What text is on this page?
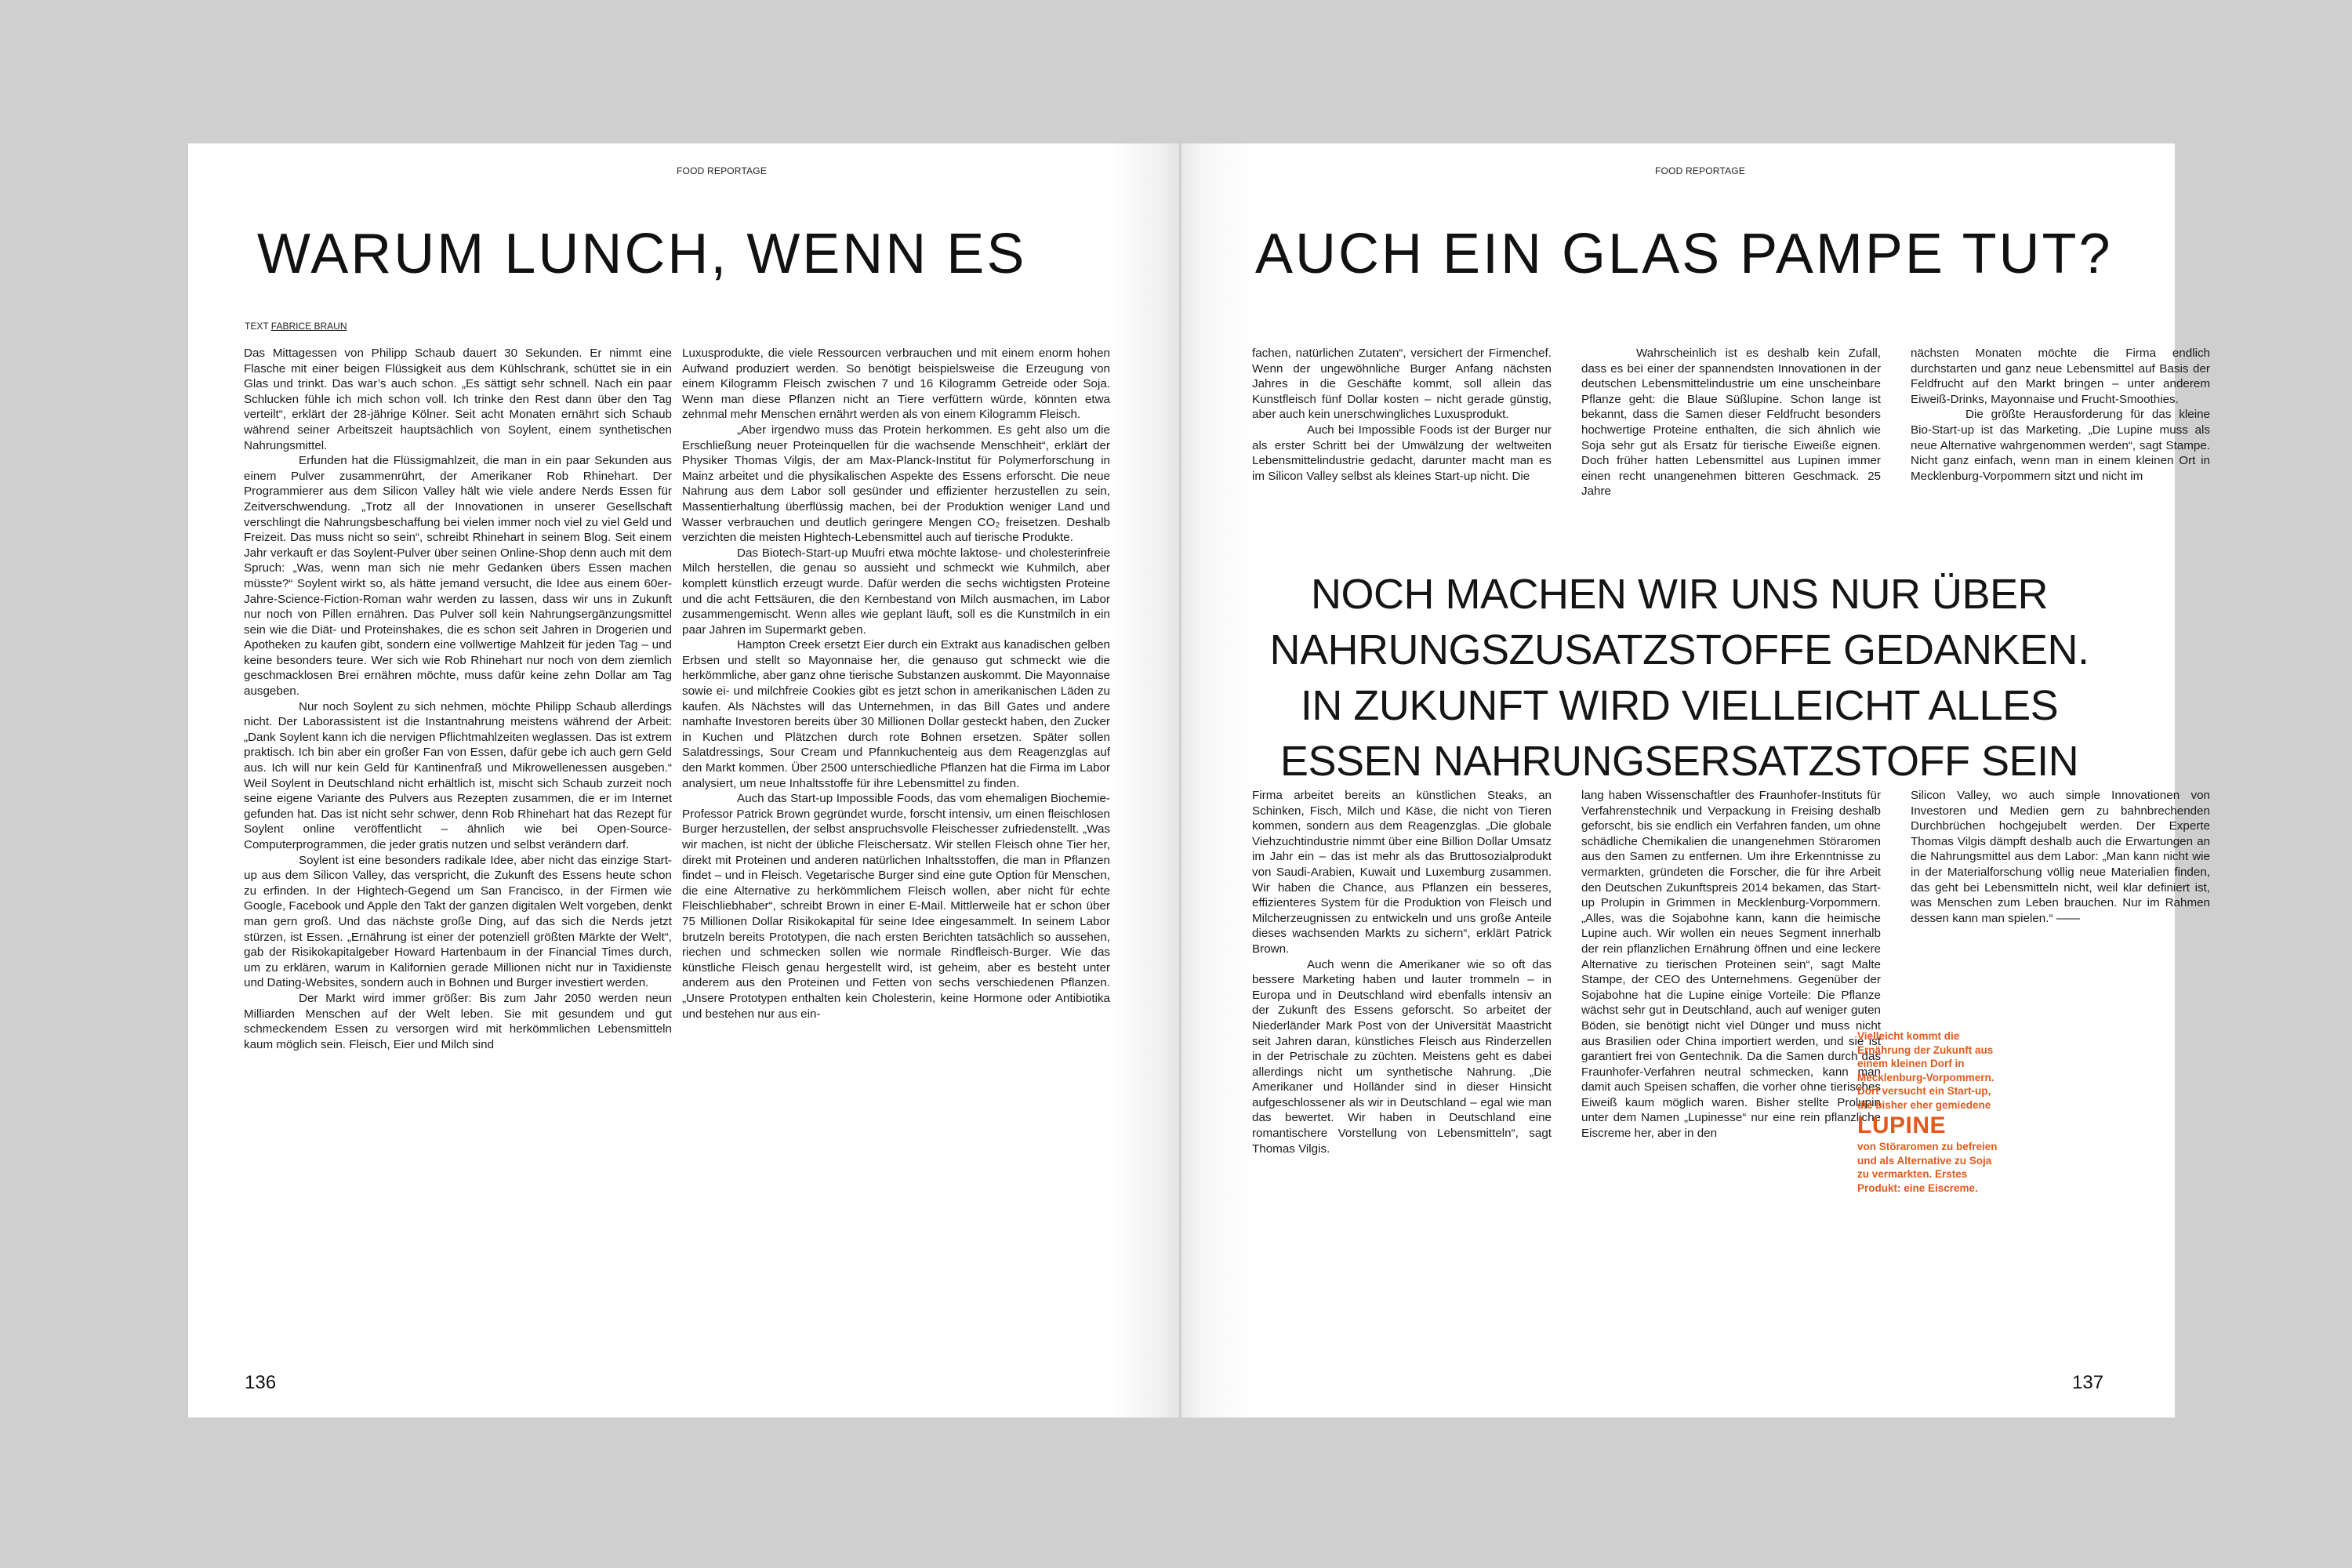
FOOD REPORTAGE
WARUM LUNCH, WENN ES
TEXT FABRICE BRAUN

Das Mittagessen von Philipp Schaub dauert 30 Sekunden. Er nimmt eine Flasche mit einer beigen Flüssigkeit aus dem Kühlschrank, schüttet sie in ein Glas und trinkt. Das war’s auch schon. „Es sättigt sehr schnell. Nach ein paar Schlucken fühle ich mich schon voll. Ich trinke den Rest dann über den Tag verteilt“, erklärt der 28-jährige Kölner. Seit acht Monaten ernährt sich Schaub während seiner Arbeitszeit hauptsächlich von Soylent, einem synthetischen Nahrungsmittel.

Erfunden hat die Flüssigmahlzeit, die man in ein paar Sekunden aus einem Pulver zusammenrührt, der Amerikaner Rob Rhinehart. Der Programmierer aus dem Silicon Valley hält wie viele andere Nerds Essen für Zeitverschwendung. „Trotz all der Innovationen in unserer Gesellschaft verschlingt die Nahrungsbeschaffung bei vielen immer noch viel zu viel Geld und Freizeit. Das muss nicht so sein“, schreibt Rhinehart in seinem Blog. Seit einem Jahr verkauft er das Soylent-Pulver über seinen Online-Shop denn auch mit dem Spruch: „Was, wenn man sich nie mehr Gedanken übers Essen machen müsste?“ Soylent wirkt so, als hätte jemand versucht, die Idee aus einem 60er-Jahre-Science-Fiction-Roman wahr werden zu lassen, dass wir uns in Zukunft nur noch von Pillen ernähren. Das Pulver soll kein Nahrungsergänzungsmittel sein wie die Diät- und Proteinshakes, die es schon seit Jahren in Drogerien und Apotheken zu kaufen gibt, sondern eine vollwertige Mahlzeit für jeden Tag – und keine besonders teure. Wer sich wie Rob Rhinehart nur noch von dem ziemlich geschmacklosen Brei ernähren möchte, muss dafür keine zehn Dollar am Tag ausgeben.

Nur noch Soylent zu sich nehmen, möchte Philipp Schaub allerdings nicht. Der Laborassistent ist die Instantnahrung meistens während der Arbeit: „Dank Soylent kann ich die nervigen Pflichtmahlzeiten weglassen. Das ist extrem praktisch. Ich bin aber ein großer Fan von Essen, dafür gebe ich auch gern Geld aus. Ich will nur kein Geld für Kantinenfraß und Mikrowellenessen ausgeben.“ Weil Soylent in Deutschland nicht erhältlich ist, mischt sich Schaub zurzeit noch seine eigene Variante des Pulvers aus Rezepten zusammen, die er im Internet gefunden hat. Das ist nicht sehr schwer, denn Rob Rhinehart hat das Rezept für Soylent online veröffentlicht – ähnlich wie bei Open-Source-Computerprogrammen, die jeder gratis nutzen und selbst verändern darf.

Soylent ist eine besonders radikale Idee, aber nicht das einzige Start-up aus dem Silicon Valley, das verspricht, die Zukunft des Essens heute schon zu erfinden. In der Hightech-Gegend um San Francisco, in der Firmen wie Google, Facebook und Apple den Takt der ganzen digitalen Welt vorgeben, denkt man gern groß. Und das nächste große Ding, auf das sich die Nerds jetzt stürzen, ist Essen. „Ernährung ist einer der potenziell größten Märkte der Welt“, gab der Risikokapitalgeber Howard Hartenbaum in der Financial Times durch, um zu erklären, warum in Kalifornien gerade Millionen nicht nur in Taxidienste und Dating-Websites, sondern auch in Bohnen und Burger investiert werden.

Der Markt wird immer größer: Bis zum Jahr 2050 werden neun Milliarden Menschen auf der Welt leben. Sie mit gesundem und gut schmeckendem Essen zu versorgen wird mit herkömmlichen Lebensmitteln kaum möglich sein. Fleisch, Eier und Milch sind

Luxusprodukte, die viele Ressourcen verbrauchen und mit einem enorm hohen Aufwand produziert werden. So benötigt beispielsweise die Erzeugung von einem Kilogramm Fleisch zwischen 7 und 16 Kilogramm Getreide oder Soja. Wenn man diese Pflanzen nicht an Tiere verfüttern würde, könnten etwa zehnmal mehr Menschen ernährt werden als von einem Kilogramm Fleisch.

„Aber irgendwo muss das Protein herkommen. Es geht also um die Erschließung neuer Proteinquellen für die wachsende Menschheit“, erklärt der Physiker Thomas Vilgis, der am Max-Planck-Institut für Polymerforschung in Mainz arbeitet und die physikalischen Aspekte des Essens erforscht. Die neue Nahrung aus dem Labor soll gesünder und effizienter herzustellen zu sein, Massentierhaltung überflüssig machen, bei der Produktion weniger Land und Wasser verbrauchen und deutlich geringere Mengen CO₂ freisetzen. Deshalb verzichten die meisten Hightech-Lebensmittel auch auf tierische Produkte.

Das Biotech-Start-up Muufri etwa möchte laktose- und cholesterinfreie Milch herstellen, die genau so aussieht und schmeckt wie Kuhmilch, aber komplett künstlich erzeugt wurde. Dafür werden die sechs wichtigsten Proteine und die acht Fettsäuren, die den Kernbestand von Milch ausmachen, im Labor zusammengemischt. Wenn alles wie geplant läuft, soll es die Kunstmilch in ein paar Jahren im Supermarkt geben.

Hampton Creek ersetzt Eier durch ein Extrakt aus kanadischen gelben Erbsen und stellt so Mayonnaise her, die genauso gut schmeckt wie die herkömmliche, aber ganz ohne tierische Substanzen auskommt. Die Mayonnaise sowie ei- und milchfreie Cookies gibt es jetzt schon in amerikanischen Läden zu kaufen. Als Nächstes will das Unternehmen, in das Bill Gates und andere namhafte Investoren bereits über 30 Millionen Dollar gesteckt haben, den Zucker in Kuchen und Plätzchen durch rote Bohnen ersetzen. Später sollen Salatdressings, Sour Cream und Pfannkuchenteig aus dem Reagenzglas auf den Markt kommen. Über 2500 unterschiedliche Pflanzen hat die Firma im Labor analysiert, um neue Inhaltsstoffe für ihre Lebensmittel zu finden.

Auch das Start-up Impossible Foods, das vom ehemaligen Biochemie-Professor Patrick Brown gegründet wurde, forscht intensiv, um einen fleischlosen Burger herzustellen, der selbst anspruchsvolle Fleischesser zufriedenstellt. „Was wir machen, ist nicht der übliche Fleischersatz. Wir stellen Fleisch ohne Tier her, direkt mit Proteinen und anderen natürlichen Inhaltsstoffen, die man in Pflanzen findet – und in Fleisch. Vegetarische Burger sind eine gute Option für Menschen, die eine Alternative zu herkömmlichem Fleisch wollen, aber nicht für echte Fleischliebhaber“, schreibt Brown in einer E-Mail. Mittlerweile hat er schon über 75 Millionen Dollar Risikokapital für seine Idee eingesammelt. In seinem Labor brutzeln bereits Prototypen, die nach ersten Berichten tatsächlich so aussehen, riechen und schmecken sollen wie normale Rindfleisch-Burger. Wie das künstliche Fleisch genau hergestellt wird, ist geheim, aber es besteht unter anderem aus den Proteinen und Fetten von sechs verschiedenen Pflanzen. „Unsere Prototypen enthalten kein Cholesterin, keine Hormone oder Antibiotika und bestehen nur aus ein-

136
FOOD REPORTAGE
AUCH EIN GLAS PAMPE TUT?

fachen, natürlichen Zutaten“, versichert der Firmenchef. Wenn der ungewöhnliche Burger Anfang nächsten Jahres in die Geschäfte kommt, soll allein das Kunstfleisch fünf Dollar kosten – nicht gerade günstig, aber auch kein unerschwingliches Luxusprodukt.

Auch bei Impossible Foods ist der Burger nur als erster Schritt bei der Umwälzung der weltweiten Lebensmittelindustrie gedacht, darunter macht man es im Silicon Valley selbst als kleines Start-up nicht. Die

Wahrscheinlich ist es deshalb kein Zufall, dass es bei einer der spannendsten Innovationen in der deutschen Lebensmittelindustrie um eine unscheinbare Pflanze geht: die Blaue Süßlupine. Schon lange ist bekannt, dass die Samen dieser Feldfrucht besonders hochwertige Proteine enthalten, die sich ähnlich wie Soja sehr gut als Ersatz für tierische Eiweiße eignen. Doch früher hatten Lebensmittel aus Lupinen immer einen recht unangenehmen bitteren Geschmack. 25 Jahre

nächsten Monaten möchte die Firma endlich durchstarten und ganz neue Lebensmittel auf Basis der Feldfrucht auf den Markt bringen – unter anderem Eiweiß-Drinks, Mayonnaise und Frucht-Smoothies.

Die größte Herausforderung für das kleine Bio-Start-up ist das Marketing. „Die Lupine muss als neue Alternative wahrgenommen werden“, sagt Stampe. Nicht ganz einfach, wenn man in einem kleinen Ort in Mecklenburg-Vorpommern sitzt und nicht im

NOCH MACHEN WIR UNS NUR ÜBER NAHRUNGSZUSATZSTOFFE GEDANKEN. IN ZUKUNFT WIRD VIELLEICHT ALLES ESSEN NAHRUNGSERSATZSTOFF SEIN

Firma arbeitet bereits an künstlichen Steaks, an Schinken, Fisch, Milch und Käse, die nicht von Tieren kommen, sondern aus dem Reagenzglas. „Die globale Viehzuchtindustrie nimmt über eine Billion Dollar Umsatz im Jahr ein – das ist mehr als das Bruttosozialprodukt von Saudi-Arabien, Kuwait und Luxemburg zusammen. Wir haben die Chance, aus Pflanzen ein besseres, effizienteres System für die Produktion von Fleisch und Milcherzeugnissen zu entwickeln und uns große Anteile dieses wachsenden Markts zu sichern“, erklärt Patrick Brown.

Auch wenn die Amerikaner wie so oft das bessere Marketing haben und lauter trommeln – in Europa und in Deutschland wird ebenfalls intensiv an der Zukunft des Essens geforscht. So arbeitet der Niederländer Mark Post von der Universität Maastricht seit Jahren daran, künstliches Fleisch aus Rinderzellen in der Petrischale zu züchten. Meistens geht es dabei allerdings nicht um synthetische Nahrung. „Die Amerikaner und Holländer sind in dieser Hinsicht aufgeschlossener als wir in Deutschland – egal wie man das bewertet. Wir haben in Deutschland eine romantischere Vorstellung von Lebensmitteln“, sagt Thomas Vilgis.

lang haben Wissenschaftler des Fraunhofer-Instituts für Verfahrenstechnik und Verpackung in Freising deshalb geforscht, bis sie endlich ein Verfahren fanden, um ohne schädliche Chemikalien die unangenehmen Störaromen aus den Samen zu entfernen. Um ihre Erkenntnisse zu vermarkten, gründeten die Forscher, die für ihre Arbeit den Deutschen Zukunftspreis 2014 bekamen, das Start-up Prolupin in Grimmen in Mecklenburg-Vorpommern. „Alles, was die Sojabohne kann, kann die heimische Lupine auch. Wir wollen ein neues Segment innerhalb der rein pflanzlichen Ernährung öffnen und eine leckere Alternative zu tierischen Proteinen sein“, sagt Malte Stampe, der CEO des Unternehmens. Gegenüber der Sojabohne hat die Lupine einige Vorteile: Die Pflanze wächst sehr gut in Deutschland, auch auf weniger guten Böden, sie benötigt nicht viel Dünger und muss nicht aus Brasilien oder China importiert werden, und sie ist garantiert frei von Gentechnik. Da die Samen durch das Fraunhofer-Verfahren neutral schmecken, kann man damit auch Speisen schaffen, die vorher ohne tierisches Eiweiß kaum möglich waren. Bisher stellte Prolupin unter dem Namen „Lupinesse“ nur eine rein pflanzliche Eiscreme her, aber in den

Silicon Valley, wo auch simple Innovationen von Investoren und Medien gern zu bahnbrechenden Durchbrüchen hochgejubelt werden. Der Experte Thomas Vilgis dämpft deshalb auch die Erwartungen an die Nahrungsmittel aus dem Labor: „Man kann nicht wie in der Materialforschung völlig neue Materialien finden, das geht bei Lebensmitteln nicht, weil klar definiert ist, was Menschen zum Leben brauchen. Nur im Rahmen dessen kann man spielen.“ ——

Vielleicht kommt die Ernährung der Zukunft aus einem kleinen Dorf in Mecklenburg-Vorpommern. Dort versucht ein Start-up, die bisher eher gemiedene
LUPINE
von Störaromen zu befreien und als Alternative zu Soja zu vermarkten. Erstes Produkt: eine Eiscreme.
137
